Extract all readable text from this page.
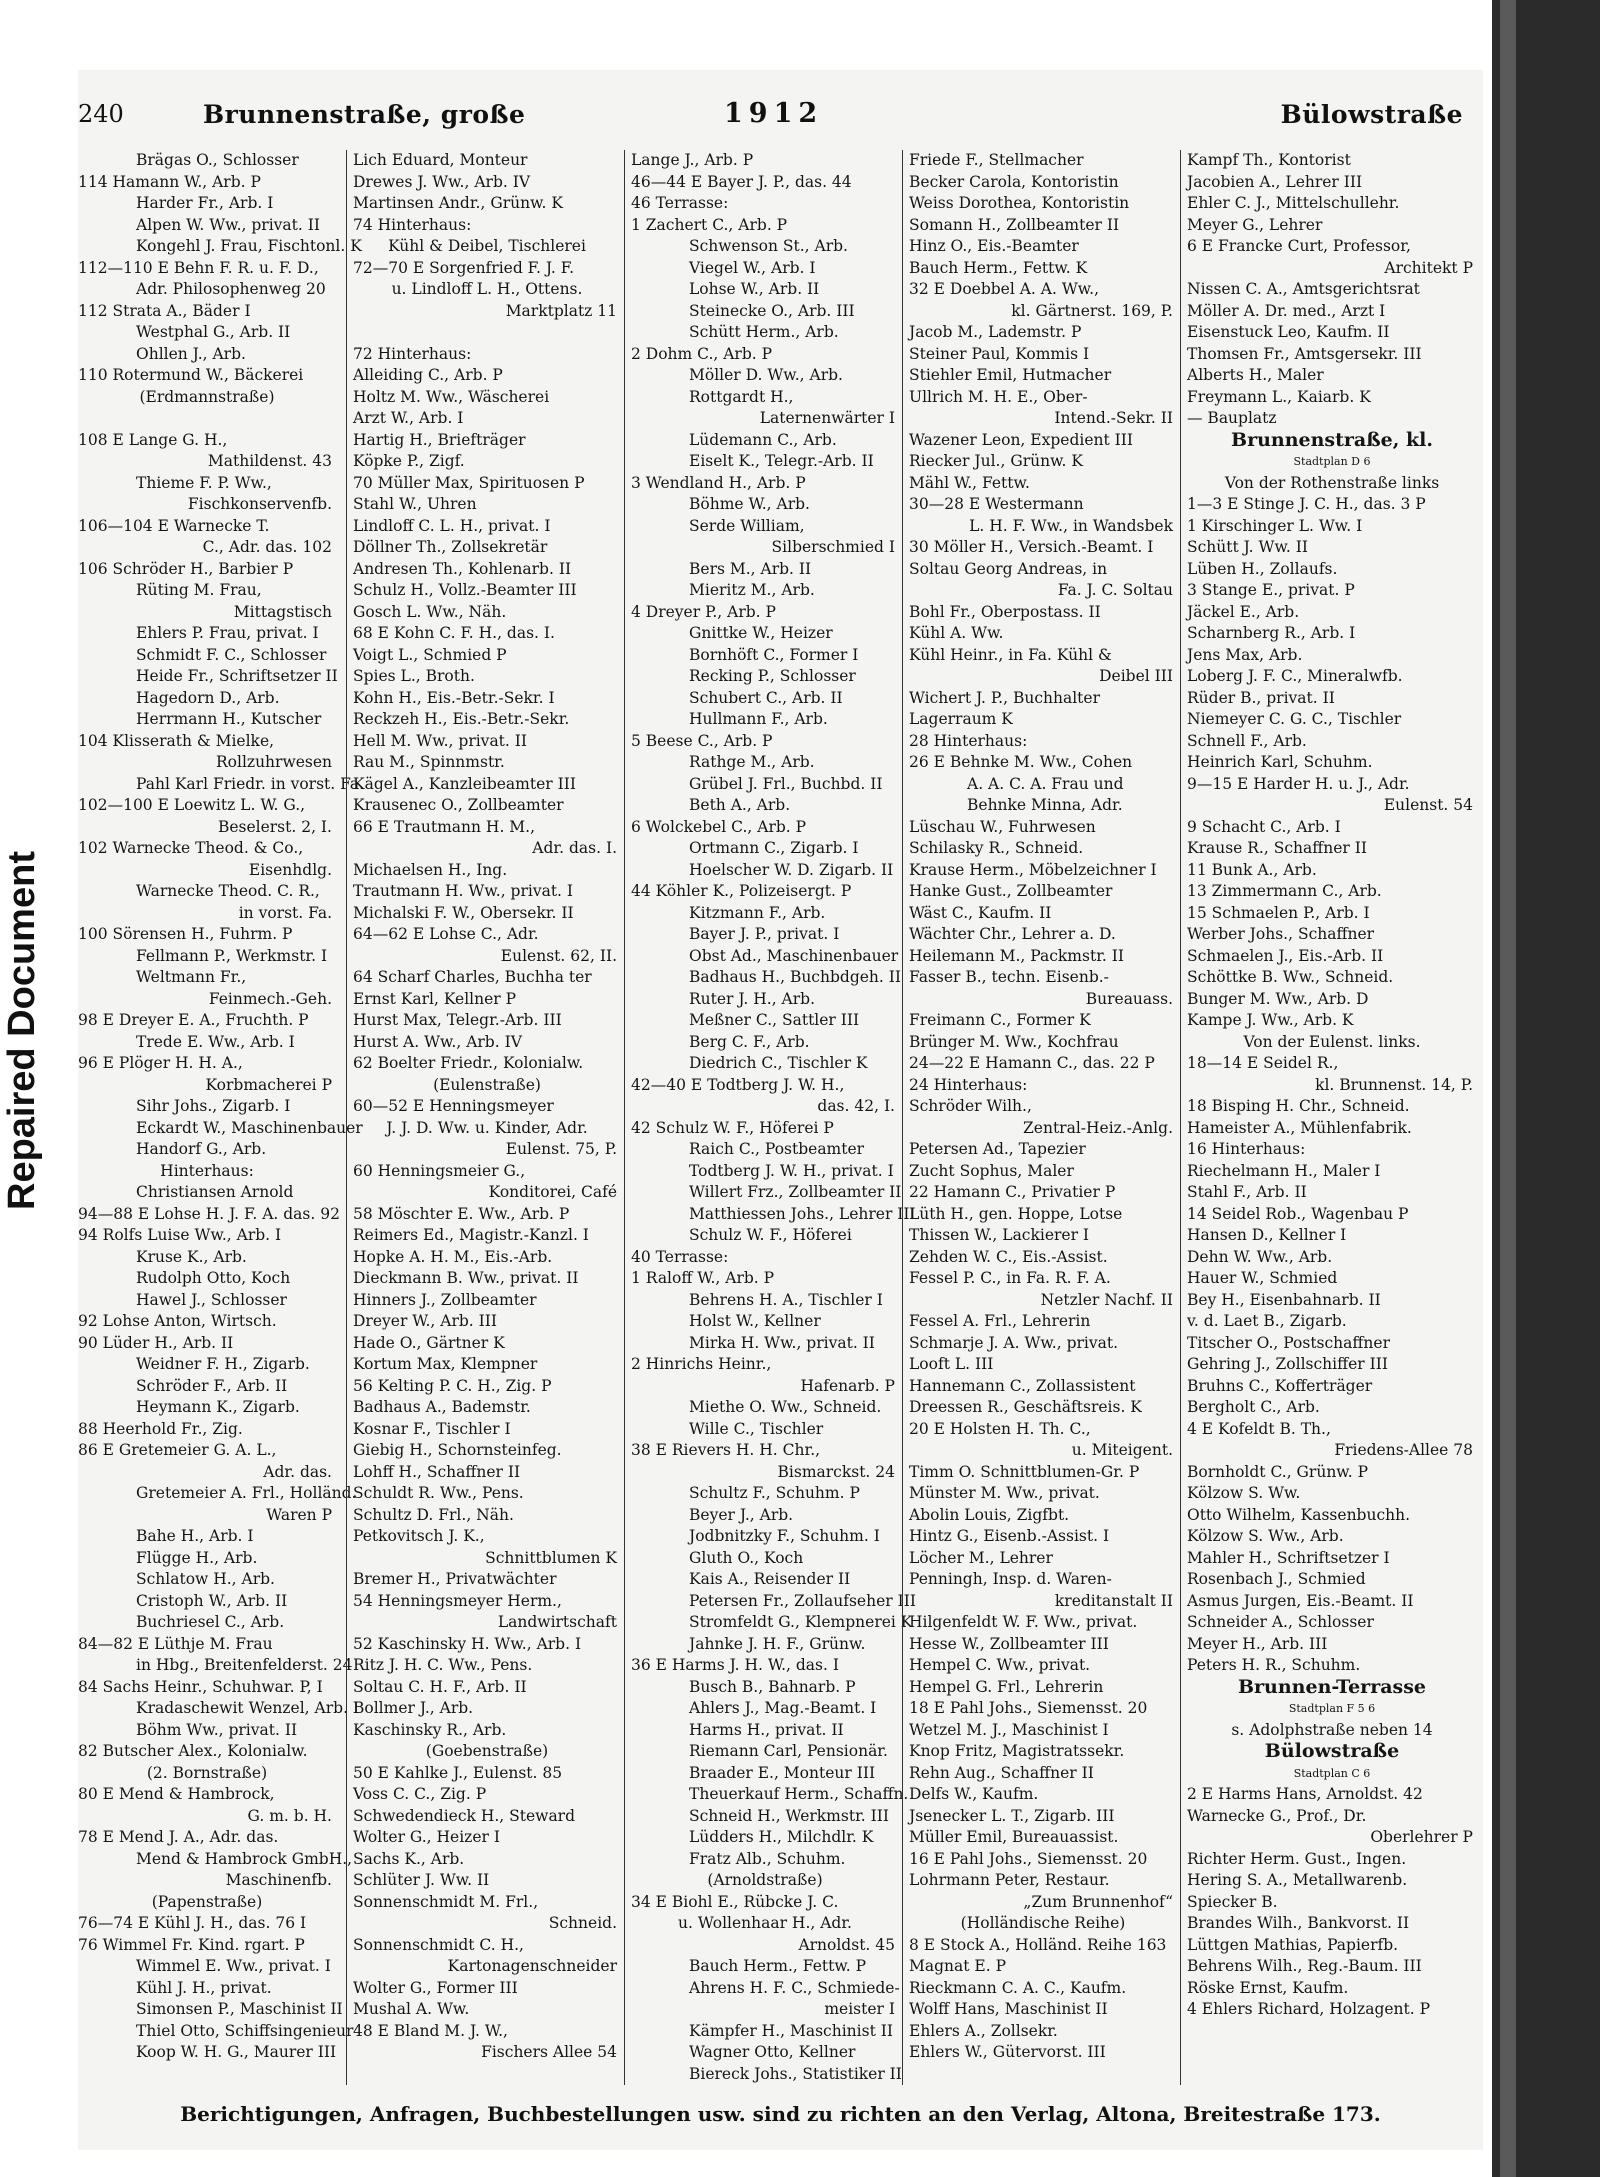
Repaired Document
240	Brunnenstraße, große	1912	Bülowstraße
Brägas O., Schlosser
114 Hamann W., Arb. P
Harder Fr., Arb. I
Alpen W. Ww., privat. II
Kongehl J. Frau, Fischtonl. K
112—110 E Behn F. R. u. F. D.,
Adr. Philosophenweg 20
112 Strata A., Bäder I
Westphal G., Arb. II
Ohllen J., Arb.
110 Rotermund W., Bäckerei
(Erdmannstraße)
108 E Lange G. H.,
Mathildenst. 43
Thieme F. P. Ww.,
Fischkonservenfb.
106—104 E Warnecke T.
C., Adr. das. 102
106 Schröder H., Barbier P
Rüting M. Frau,
Mittagstisch
Ehlers P. Frau, privat. I
Schmidt F. C., Schlosser
Heide Fr., Schriftsetzer II
Hagedorn D., Arb.
Herrmann H., Kutscher
104 Klisserath & Mielke,
Rollzuhrwesen
Pahl Karl Friedr. in vorst. Fa.
102—100 E Loewitz L. W. G.,
Beselerst. 2, I.
102 Warnecke Theod. & Co.,
Eisenhdlg.
Warnecke Theod. C. R.,
in vorst. Fa.
100 Sörensen H., Fuhrm. P
Fellmann P., Werkmstr. I
Weltmann Fr.,
Feinmech.-Geh.
98 E Dreyer E. A., Fruchth. P
Trede E. Ww., Arb. I
96 E Plöger H. H. A.,
Korbmacherei P
Sihr Johs., Zigarb. I
Eckardt W., Maschinenbauer
Handorf G., Arb.
Hinterhaus:
Christiansen Arnold
94—88 E Lohse H. J. F. A. das. 92
94 Rolfs Luise Ww., Arb. I
Kruse K., Arb.
Rudolph Otto, Koch
Hawel J., Schlosser
92 Lohse Anton, Wirtsch.
90 Lüder H., Arb. II
Weidner F. H., Zigarb.
Schröder F., Arb. II
Heymann K., Zigarb.
88 Heerhold Fr., Zig.
86 E Gretemeier G. A. L.,
Adr. das.
Gretemeier A. Frl., Holländ.
Waren P
Bahe H., Arb. I
Flügge H., Arb.
Schlatow H., Arb.
Cristoph W., Arb. II
Buchriesel C., Arb.
84—82 E Lüthje M. Frau
in Hbg., Breitenfelderst. 24
84 Sachs Heinr., Schuhwar. P, I
Kradaschewit Wenzel, Arb. I
Böhm Ww., privat. II
82 Butscher Alex., Kolonialw.
(2. Bornstraße)
80 E Mend & Hambrock,
G. m. b. H.
78 E Mend J. A., Adr. das.
Mend & Hambrock GmbH.,
Maschinenfb.
(Papenstraße)
76—74 E Kühl J. H., das. 76 I
76 Wimmel Fr. Kind. rgart. P
Wimmel E. Ww., privat. I
Kühl J. H., privat.
Simonsen P., Maschinist II
Thiel Otto, Schiffsingenieur
Koop W. H. G., Maurer III
Lich Eduard, Monteur
Drewes J. Ww., Arb. IV
Martinsen Andr., Grünw. K
74 Hinterhaus:
Kühl & Deibel, Tischlerei
72—70 E Sorgenfried F. J. F.
u. Lindloff L. H., Ottens.
Marktplatz 11
72 Hinterhaus:
Alleiding C., Arb. P
Holtz M. Ww., Wäscherei
Arzt W., Arb. I
Hartig H., Briefträger
Köpke P., Zigf.
70 Müller Max, Spirituosen P
Stahl W., Uhren
Lindloff C. L. H., privat. I
Döllner Th., Zollsekretär
Andresen Th., Kohlenarb. II
Schulz H., Vollz.-Beamter III
Gosch L. Ww., Näh.
68 E Kohn C. F. H., das. I.
Voigt L., Schmied P
Spies L., Broth.
Kohn H., Eis.-Betr.-Sekr. I
Reckzeh H., Eis.-Betr.-Sekr.
Hell M. Ww., privat. II
Rau M., Spinnmstr.
Kägel A., Kanzleibeamter III
Krausenec O., Zollbeamter
66 E Trautmann H. M.,
Adr. das. I.
Michaelsen H., Ing.
Trautmann H. Ww., privat. I
Michalski F. W., Obersekr. II
64—62 E Lohse C., Adr.
Eulenst. 62, II.
64 Scharf Charles, Buchha ter
Ernst Karl, Kellner P
Hurst Max, Telegr.-Arb. III
Hurst A. Ww., Arb. IV
62 Boelter Friedr., Kolonialw.
(Eulenstraße)
60—52 E Henningsmeyer
J. J. D. Ww. u. Kinder, Adr.
Eulenst. 75, P.
60 Henningsmeier G.,
Konditorei, Café
58 Möschter E. Ww., Arb. P
Reimers Ed., Magistr.-Kanzl. I
Hopke A. H. M., Eis.-Arb.
Dieckmann B. Ww., privat. II
Hinners J., Zollbeamter
Dreyer W., Arb. III
Hade O., Gärtner K
Kortum Max, Klempner
56 Kelting P. C. H., Zig. P
Badhaus A., Bademstr.
Kosnar F., Tischler I
Giebig H., Schornsteinfeg.
Lohff H., Schaffner II
Schuldt R. Ww., Pens.
Schultz D. Frl., Näh.
Petkovitsch J. K.,
Schnittblumen K
Bremer H., Privatwächter
54 Henningsmeyer Herm.,
Landwirtschaft
52 Kaschinsky H. Ww., Arb. I
Ritz J. H. C. Ww., Pens.
Soltau C. H. F., Arb. II
Bollmer J., Arb.
Kaschinsky R., Arb.
(Goebenstraße)
50 E Kahlke J., Eulenst. 85
Voss C. C., Zig. P
Schwedendieck H., Steward
Wolter G., Heizer I
Sachs K., Arb.
Schlüter J. Ww. II
Sonnenschmidt M. Frl.,
Schneid.
Sonnenschmidt C. H.,
Kartonagenschneider
Wolter G., Former III
Mushal A. Ww.
48 E Bland M. J. W.,
Fischers Allee 54
Lange J., Arb. P
46—44 E Bayer J. P., das. 44
46 Terrasse:
1 Zachert C., Arb. P
Schwenson St., Arb.
Viegel W., Arb. I
Lohse W., Arb. II
Steinecke O., Arb. III
Schütt Herm., Arb.
2 Dohm C., Arb. P
Möller D. Ww., Arb.
Rottgardt H.,
Laternenwärter I
Lüdemann C., Arb.
Eiselt K., Telegr.-Arb. II
3 Wendland H., Arb. P
Böhme W., Arb.
Serde William,
Silberschmied I
Bers M., Arb. II
Mieritz M., Arb.
4 Dreyer P., Arb. P
Gnittke W., Heizer
Bornhöft C., Former I
Recking P., Schlosser
Schubert C., Arb. II
Hullmann F., Arb.
5 Beese C., Arb. P
Rathge M., Arb.
Grübel J. Frl., Buchbd. II
Beth A., Arb.
6 Wolckebel C., Arb. P
Ortmann C., Zigarb. I
Hoelscher W. D. Zigarb. II
44 Köhler K., Polizeisergt. P
Kitzmann F., Arb.
Bayer J. P., privat. I
Obst Ad., Maschinenbauer
Badhaus H., Buchbdgeh. II
Ruter J. H., Arb.
Meßner C., Sattler III
Berg C. F., Arb.
Diedrich C., Tischler K
42—40 E Todtberg J. W. H.,
das. 42, I.
42 Schulz W. F., Höferei P
Raich C., Postbeamter
Todtberg J. W. H., privat. I
Willert Frz., Zollbeamter II
Matthiessen Johs., Lehrer III
Schulz W. F., Höferei
40 Terrasse:
1 Raloff W., Arb. P
Behrens H. A., Tischler I
Holst W., Kellner
Mirka H. Ww., privat. II
2 Hinrichs Heinr.,
Hafenarb. P
Miethe O. Ww., Schneid.
Wille C., Tischler
38 E Rievers H. H. Chr.,
Bismarckst. 24
Schultz F., Schuhm. P
Beyer J., Arb.
Jodbnitzky F., Schuhm. I
Gluth O., Koch
Kais A., Reisender II
Petersen Fr., Zollaufseher III
Stromfeldt G., Klempnerei K
Jahnke J. H. F., Grünw.
36 E Harms J. H. W., das. I
Busch B., Bahnarb. P
Ahlers J., Mag.-Beamt. I
Harms H., privat. II
Riemann Carl, Pensionär.
Braader E., Monteur III
Theuerkauf Herm., Schaffn.
Schneid H., Werkmstr. III
Lüdders H., Milchdlr. K
Fratz Alb., Schuhm.
(Arnoldstraße)
34 E Biohl E., Rübcke J. C.
u. Wollenhaar H., Adr.
Arnoldst. 45
Bauch Herm., Fettw. P
Ahrens H. F. C., Schmiede-
meister I
Kämpfer H., Maschinist II
Wagner Otto, Kellner
Biereck Johs., Statistiker II
Friede F., Stellmacher
Becker Carola, Kontoristin
Weiss Dorothea, Kontoristin
Somann H., Zollbeamter II
Hinz O., Eis.-Beamter
Bauch Herm., Fettw. K
32 E Doebbel A. A. Ww.,
kl. Gärtnerst. 169, P.
Jacob M., Lademstr. P
Steiner Paul, Kommis I
Stiehler Emil, Hutmacher
Ullrich M. H. E., Ober-
Intend.-Sekr. II
Wazener Leon, Expedient III
Riecker Jul., Grünw. K
Mähl W., Fettw.
30—28 E Westermann
L. H. F. Ww., in Wandsbek
30 Möller H., Versich.-Beamt. I
Soltau Georg Andreas, in
Fa. J. C. Soltau
Bohl Fr., Oberpostass. II
Kühl A. Ww.
Kühl Heinr., in Fa. Kühl &
Deibel III
Wichert J. P., Buchhalter
Lagerraum K
28 Hinterhaus:
26 E Behnke M. Ww., Cohen
A. A. C. A. Frau und
Behnke Minna, Adr.
Lüschau W., Fuhrwesen
Schilasky R., Schneid.
Krause Herm., Möbelzeichner I
Hanke Gust., Zollbeamter
Wäst C., Kaufm. II
Wächter Chr., Lehrer a. D.
Heilemann M., Packmstr. II
Fasser B., techn. Eisenb.-
Bureauass.
Freimann C., Former K
Brünger M. Ww., Kochfrau
24—22 E Hamann C., das. 22 P
24 Hinterhaus:
Schröder Wilh.,
Zentral-Heiz.-Anlg.
Petersen Ad., Tapezier
Zucht Sophus, Maler
22 Hamann C., Privatier P
Lüth H., gen. Hoppe, Lotse
Thissen W., Lackierer I
Zehden W. C., Eis.-Assist.
Fessel P. C., in Fa. R. F. A.
Netzler Nachf. II
Fessel A. Frl., Lehrerin
Schmarje J. A. Ww., privat.
Looft L. III
Hannemann C., Zollassistent
Dreessen R., Geschäftsreis. K
20 E Holsten H. Th. C.,
u. Miteigent.
Timm O. Schnittblumen-Gr. P
Münster M. Ww., privat.
Abolin Louis, Zigfbt.
Hintz G., Eisenb.-Assist. I
Löcher M., Lehrer
Penningh, Insp. d. Waren-
kreditanstalt II
Hilgenfeldt W. F. Ww., privat.
Hesse W., Zollbeamter III
Hempel C. Ww., privat.
Hempel G. Frl., Lehrerin
18 E Pahl Johs., Siemensst. 20
Wetzel M. J., Maschinist I
Knop Fritz, Magistratssekr.
Rehn Aug., Schaffner II
Delfs W., Kaufm.
Jsenecker L. T., Zigarb. III
Müller Emil, Bureauassist.
16 E Pahl Johs., Siemensst. 20
Lohrmann Peter, Restaur.
„Zum Brunnenhof“
(Holländische Reihe)
8 E Stock A., Holländ. Reihe 163
Magnat E. P
Rieckmann C. A. C., Kaufm.
Wolff Hans, Maschinist II
Ehlers A., Zollsekr.
Ehlers W., Gütervorst. III
Kampf Th., Kontorist
Jacobien A., Lehrer III
Ehler C. J., Mittelschullehr.
Meyer G., Lehrer
6 E Francke Curt, Professor,
Architekt P
Nissen C. A., Amtsgerichtsrat
Möller A. Dr. med., Arzt I
Eisenstuck Leo, Kaufm. II
Thomsen Fr., Amtsgersekr. III
Alberts H., Maler
Freymann L., Kaiarb. K
— Bauplatz
Brunnenstraße, kl.
Stadtplan D 6
Von der Rothenstraße links
1—3 E Stinge J. C. H., das. 3 P
1 Kirschinger L. Ww. I
Schütt J. Ww. II
Lüben H., Zollaufs.
3 Stange E., privat. P
Jäckel E., Arb.
Scharnberg R., Arb. I
Jens Max, Arb.
Loberg J. F. C., Mineralwfb.
Rüder B., privat. II
Niemeyer C. G. C., Tischler
Schnell F., Arb.
Heinrich Karl, Schuhm.
9—15 E Harder H. u. J., Adr.
Eulenst. 54
9 Schacht C., Arb. I
Krause R., Schaffner II
11 Bunk A., Arb.
13 Zimmermann C., Arb.
15 Schmaelen P., Arb. I
Werber Johs., Schaffner
Schmaelen J., Eis.-Arb. II
Schöttke B. Ww., Schneid.
Bunger M. Ww., Arb. D
Kampe J. Ww., Arb. K
Von der Eulenst. links.
18—14 E Seidel R.,
kl. Brunnenst. 14, P.
18 Bisping H. Chr., Schneid.
Hameister A., Mühlenfabrik.
16 Hinterhaus:
Riechelmann H., Maler I
Stahl F., Arb. II
14 Seidel Rob., Wagenbau P
Hansen D., Kellner I
Dehn W. Ww., Arb.
Hauer W., Schmied
Bey H., Eisenbahnarb. II
v. d. Laet B., Zigarb.
Titscher O., Postschaffner
Gehring J., Zollschiffer III
Bruhns C., Kofferträger
Bergholt C., Arb.
4 E Kofeldt B. Th.,
Friedens-Allee 78
Bornholdt C., Grünw. P
Kölzow S. Ww.
Otto Wilhelm, Kassenbuchh.
Kölzow S. Ww., Arb.
Mahler H., Schriftsetzer I
Rosenbach J., Schmied
Asmus Jurgen, Eis.-Beamt. II
Schneider A., Schlosser
Meyer H., Arb. III
Peters H. R., Schuhm.
Brunnen-Terrasse
Stadtplan F 5 6
s. Adolphstraße neben 14
Bülowstraße
Stadtplan C 6
2 E Harms Hans, Arnoldst. 42
Warnecke G., Prof., Dr.
Oberlehrer P
Richter Herm. Gust., Ingen.
Hering S. A., Metallwarenb.
Spiecker B.
Brandes Wilh., Bankvorst. II
Lüttgen Mathias, Papierfb.
Behrens Wilh., Reg.-Baum. III
Röske Ernst, Kaufm.
4 Ehlers Richard, Holzagent. P
Berichtigungen, Anfragen, Buchbestellungen usw. sind zu richten an den Verlag, Altona, Breitestraße 173.
